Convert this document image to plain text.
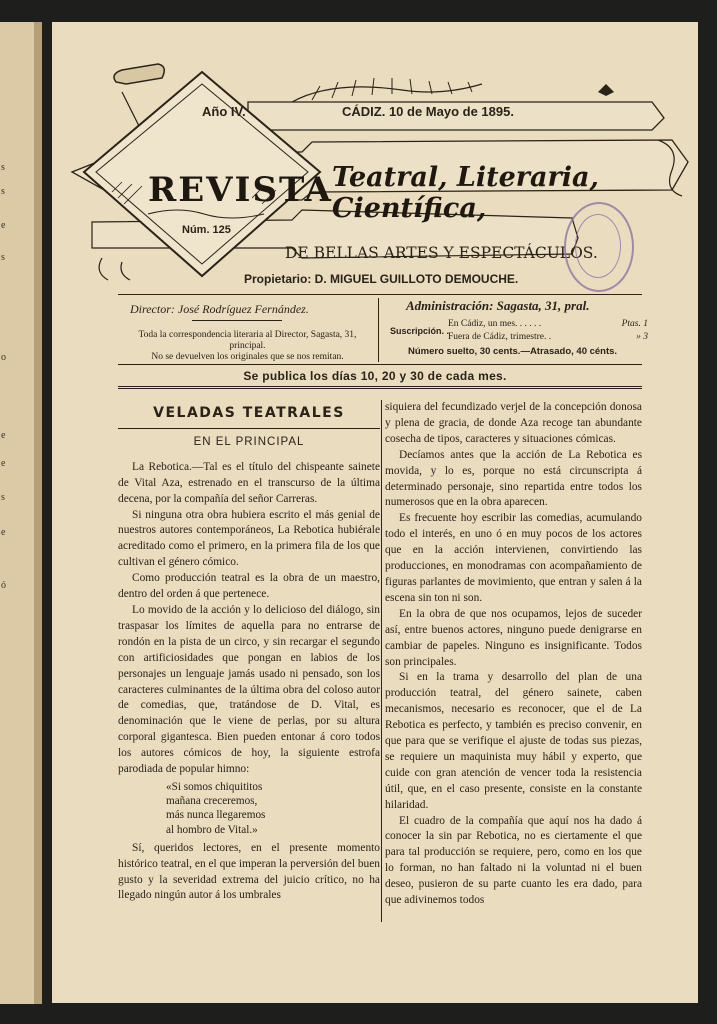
s
s
e
s
o
e
e
s
e
ó
Año IV.	CÁDIZ. 10 de Mayo de 1895.
REVISTA
Núm. 125
Teatral, Literaria, Científica,
DE BELLAS ARTES Y ESPECTÁCULOS.
Propietario: D. MIGUEL GUILLOTO DEMOUCHE.
Director: José Rodríguez Fernández.
Toda la correspondencia literaria al Director, Sagasta, 31, principal.
No se devuelven los originales que se nos remitan.
Administración: Sagasta, 31, pral.
Suscripción. .
En Cádiz, un mes. . . . . .
Fuera de Cádiz, trimestre. .
Ptas. 1
» 3
Número suelto, 30 cents.—Atrasado, 40 cénts.
Se publica los días 10, 20 y 30 de cada mes.
VELADAS TEATRALES
EN EL PRINCIPAL

La Rebotica.—Tal es el título del chispeante sainete de Vital Aza, estrenado en el transcurso de la última decena, por la compañía del señor Carreras.

Si ninguna otra obra hubiera escrito el más genial de nuestros autores contemporáneos, La Rebotica hubiérale acreditado como el primero, en la primera fila de los que cultivan el género cómico.

Como producción teatral es la obra de un maestro, dentro del orden á que pertenece.

Lo movido de la acción y lo delicioso del diálogo, sin traspasar los límites de aquella para no entrarse de rondón en la pista de un circo, y sin recargar el segundo con artificiosidades que pongan en labios de los personajes un lenguaje jamás usado ni pensado, son los caracteres culminantes de la última obra del coloso autor de comedias, que, tratándose de D. Vital, es denominación que le viene de perlas, por su altura corporal gigantesca. Bien pueden entonar á coro todos los autores cómicos de hoy, la siguiente estrofa parodiada de popular himno:

«Si somos chiquititos
mañana creceremos,
más nunca llegaremos
al hombro de Vital.»

Sí, queridos lectores, en el presente momento histórico teatral, en el que imperan la perversión del buen gusto y la severidad extrema del juicio crítico, no ha llegado ningún autor á los umbrales

siquiera del fecundizado verjel de la concepción donosa y plena de gracia, de donde Aza recoge tan abundante cosecha de tipos, caracteres y situaciones cómicas.

Decíamos antes que la acción de La Rebotica es movida, y lo es, porque no está circunscripta á determinado personaje, sino repartida entre todos los numerosos que en la obra aparecen.

Es frecuente hoy escribir las comedias, acumulando todo el interés, en uno ó en muy pocos de los actores que en la acción intervienen, convirtiendo las producciones, en monodramas con acompañamiento de figuras parlantes de movimiento, que entran y salen á la escena sin ton ni son.

En la obra de que nos ocupamos, lejos de suceder así, entre buenos actores, ninguno puede denigrarse en cambiar de papeles. Ninguno es insignificante. Todos son principales.

Si en la trama y desarrollo del plan de una producción teatral, del género sainete, caben mecanismos, necesario es reconocer, que el de La Rebotica es perfecto, y también es preciso convenir, en que para que se verifique el ajuste de todas sus piezas, se requiere un maquinista muy hábil y experto, que cuide con gran atención de vencer toda la resistencia útil, que, en el caso presente, consiste en la constante hilaridad.

El cuadro de la compañía que aquí nos ha dado á conocer la sin par Rebotica, no es ciertamente el que para tal producción se requiere, pero, como en los que lo forman, no han faltado ni la voluntad ni el buen deseo, pusieron de su parte cuanto les era dado, para que adivinemos todos
